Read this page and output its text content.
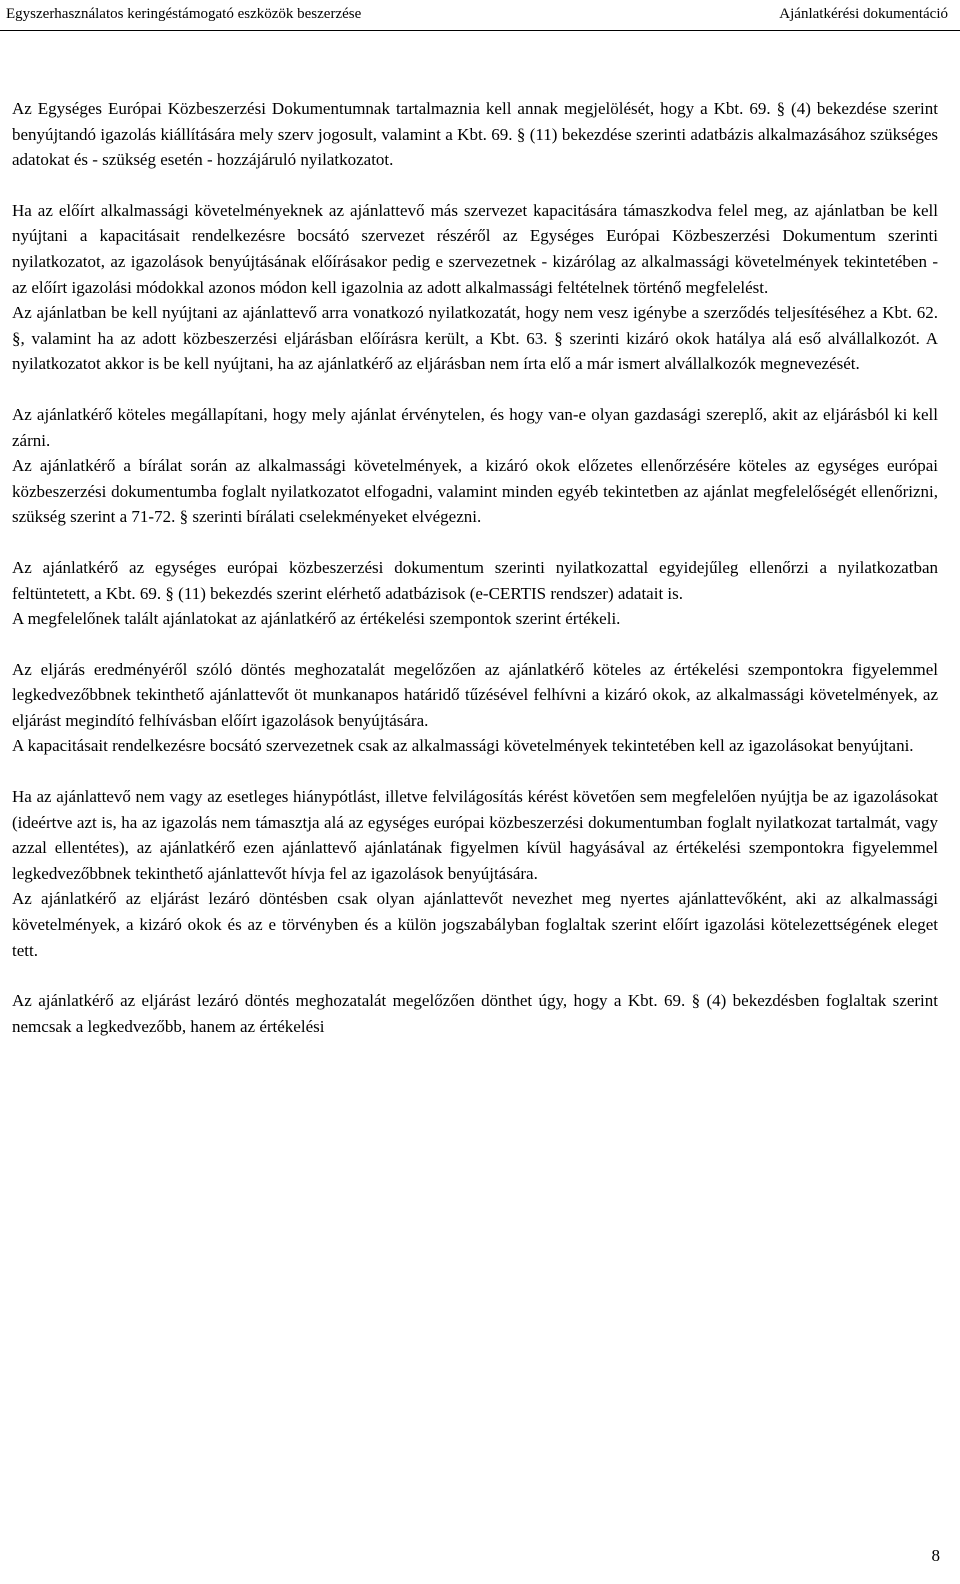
Egyszerhasználatos keringéstámogató eszközök beszerzése	Ajánlatkérési dokumentáció

Az Egységes Európai Közbeszerzési Dokumentumnak tartalmaznia kell annak megjelölését, hogy a Kbt. 69. § (4) bekezdése szerint benyújtandó igazolás kiállítására mely szerv jogosult, valamint a Kbt. 69. § (11) bekezdése szerinti adatbázis alkalmazásához szükséges adatokat és - szükség esetén - hozzájáruló nyilatkozatot.

Ha az előírt alkalmassági követelményeknek az ajánlattevő más szervezet kapacitására támaszkodva felel meg, az ajánlatban be kell nyújtani a kapacitásait rendelkezésre bocsátó szervezet részéről az Egységes Európai Közbeszerzési Dokumentum szerinti nyilatkozatot, az igazolások benyújtásának előírásakor pedig e szervezetnek - kizárólag az alkalmassági követelmények tekintetében - az előírt igazolási módokkal azonos módon kell igazolnia az adott alkalmassági feltételnek történő megfelelést.

Az ajánlatban be kell nyújtani az ajánlattevő arra vonatkozó nyilatkozatát, hogy nem vesz igénybe a szerződés teljesítéséhez a Kbt. 62. §, valamint ha az adott közbeszerzési eljárásban előírásra került, a Kbt. 63. § szerinti kizáró okok hatálya alá eső alvállalkozót. A nyilatkozatot akkor is be kell nyújtani, ha az ajánlatkérő az eljárásban nem írta elő a már ismert alvállalkozók megnevezését.

Az ajánlatkérő köteles megállapítani, hogy mely ajánlat érvénytelen, és hogy van-e olyan gazdasági szereplő, akit az eljárásból ki kell zárni.

Az ajánlatkérő a bírálat során az alkalmassági követelmények, a kizáró okok előzetes ellenőrzésére köteles az egységes európai közbeszerzési dokumentumba foglalt nyilatkozatot elfogadni, valamint minden egyéb tekintetben az ajánlat megfelelőségét ellenőrizni, szükség szerint a 71-72. § szerinti bírálati cselekményeket elvégezni.

Az ajánlatkérő az egységes európai közbeszerzési dokumentum szerinti nyilatkozattal egyidejűleg ellenőrzi a nyilatkozatban feltüntetett, a Kbt. 69. § (11) bekezdés szerint elérhető adatbázisok (e-CERTIS rendszer) adatait is.

A megfelelőnek talált ajánlatokat az ajánlatkérő az értékelési szempontok szerint értékeli.

Az eljárás eredményéről szóló döntés meghozatalát megelőzően az ajánlatkérő köteles az értékelési szempontokra figyelemmel legkedvezőbbnek tekinthető ajánlattevőt öt munkanapos határidő tűzésével felhívni a kizáró okok, az alkalmassági követelmények, az eljárást megindító felhívásban előírt igazolások benyújtására.

A kapacitásait rendelkezésre bocsátó szervezetnek csak az alkalmassági követelmények tekintetében kell az igazolásokat benyújtani.

Ha az ajánlattevő nem vagy az esetleges hiánypótlást, illetve felvilágosítás kérést követően sem megfelelően nyújtja be az igazolásokat (ideértve azt is, ha az igazolás nem támasztja alá az egységes európai közbeszerzési dokumentumban foglalt nyilatkozat tartalmát, vagy azzal ellentétes), az ajánlatkérő ezen ajánlattevő ajánlatának figyelmen kívül hagyásával az értékelési szempontokra figyelemmel legkedvezőbbnek tekinthető ajánlattevőt hívja fel az igazolások benyújtására.

Az ajánlatkérő az eljárást lezáró döntésben csak olyan ajánlattevőt nevezhet meg nyertes ajánlattevőként, aki az alkalmassági követelmények, a kizáró okok és az e törvényben és a külön jogszabályban foglaltak szerint előírt igazolási kötelezettségének eleget tett.

Az ajánlatkérő az eljárást lezáró döntés meghozatalát megelőzően dönthet úgy, hogy a Kbt. 69. § (4) bekezdésben foglaltak szerint nemcsak a legkedvezőbb, hanem az értékelési

8
